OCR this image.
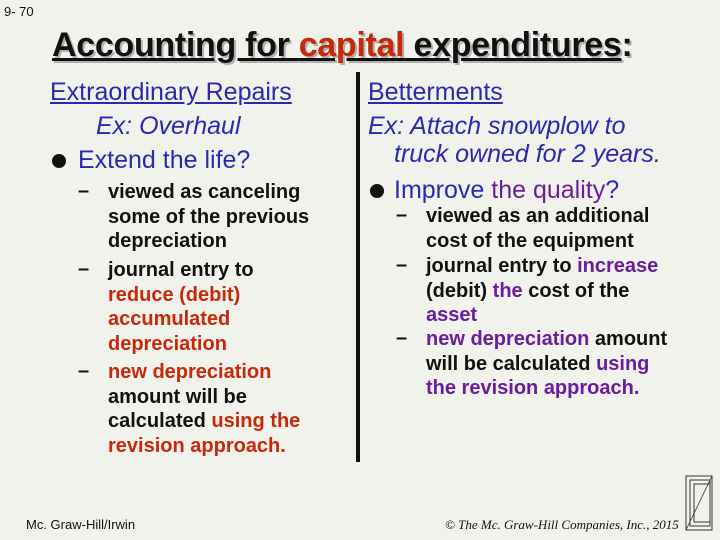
9- 70
Accounting for capital expenditures:
Extraordinary Repairs
Ex: Overhaul
Extend the life?
– viewed as canceling
some of the previous
depreciation
– journal entry to
reduce (debit)
accumulated
depreciation
– new depreciation
amount will be
calculated using the
revision approach.
Betterments
Ex: Attach snowplow to
truck owned for 2 years.
Improve the quality?
– viewed as an additional
cost of the equipment
– journal entry to increase
(debit) the cost of the
asset
– new depreciation amount
will be calculated using
the revision approach.
Mc. Graw-Hill/Irwin	© The Mc. Graw-Hill Companies, Inc., 2015
